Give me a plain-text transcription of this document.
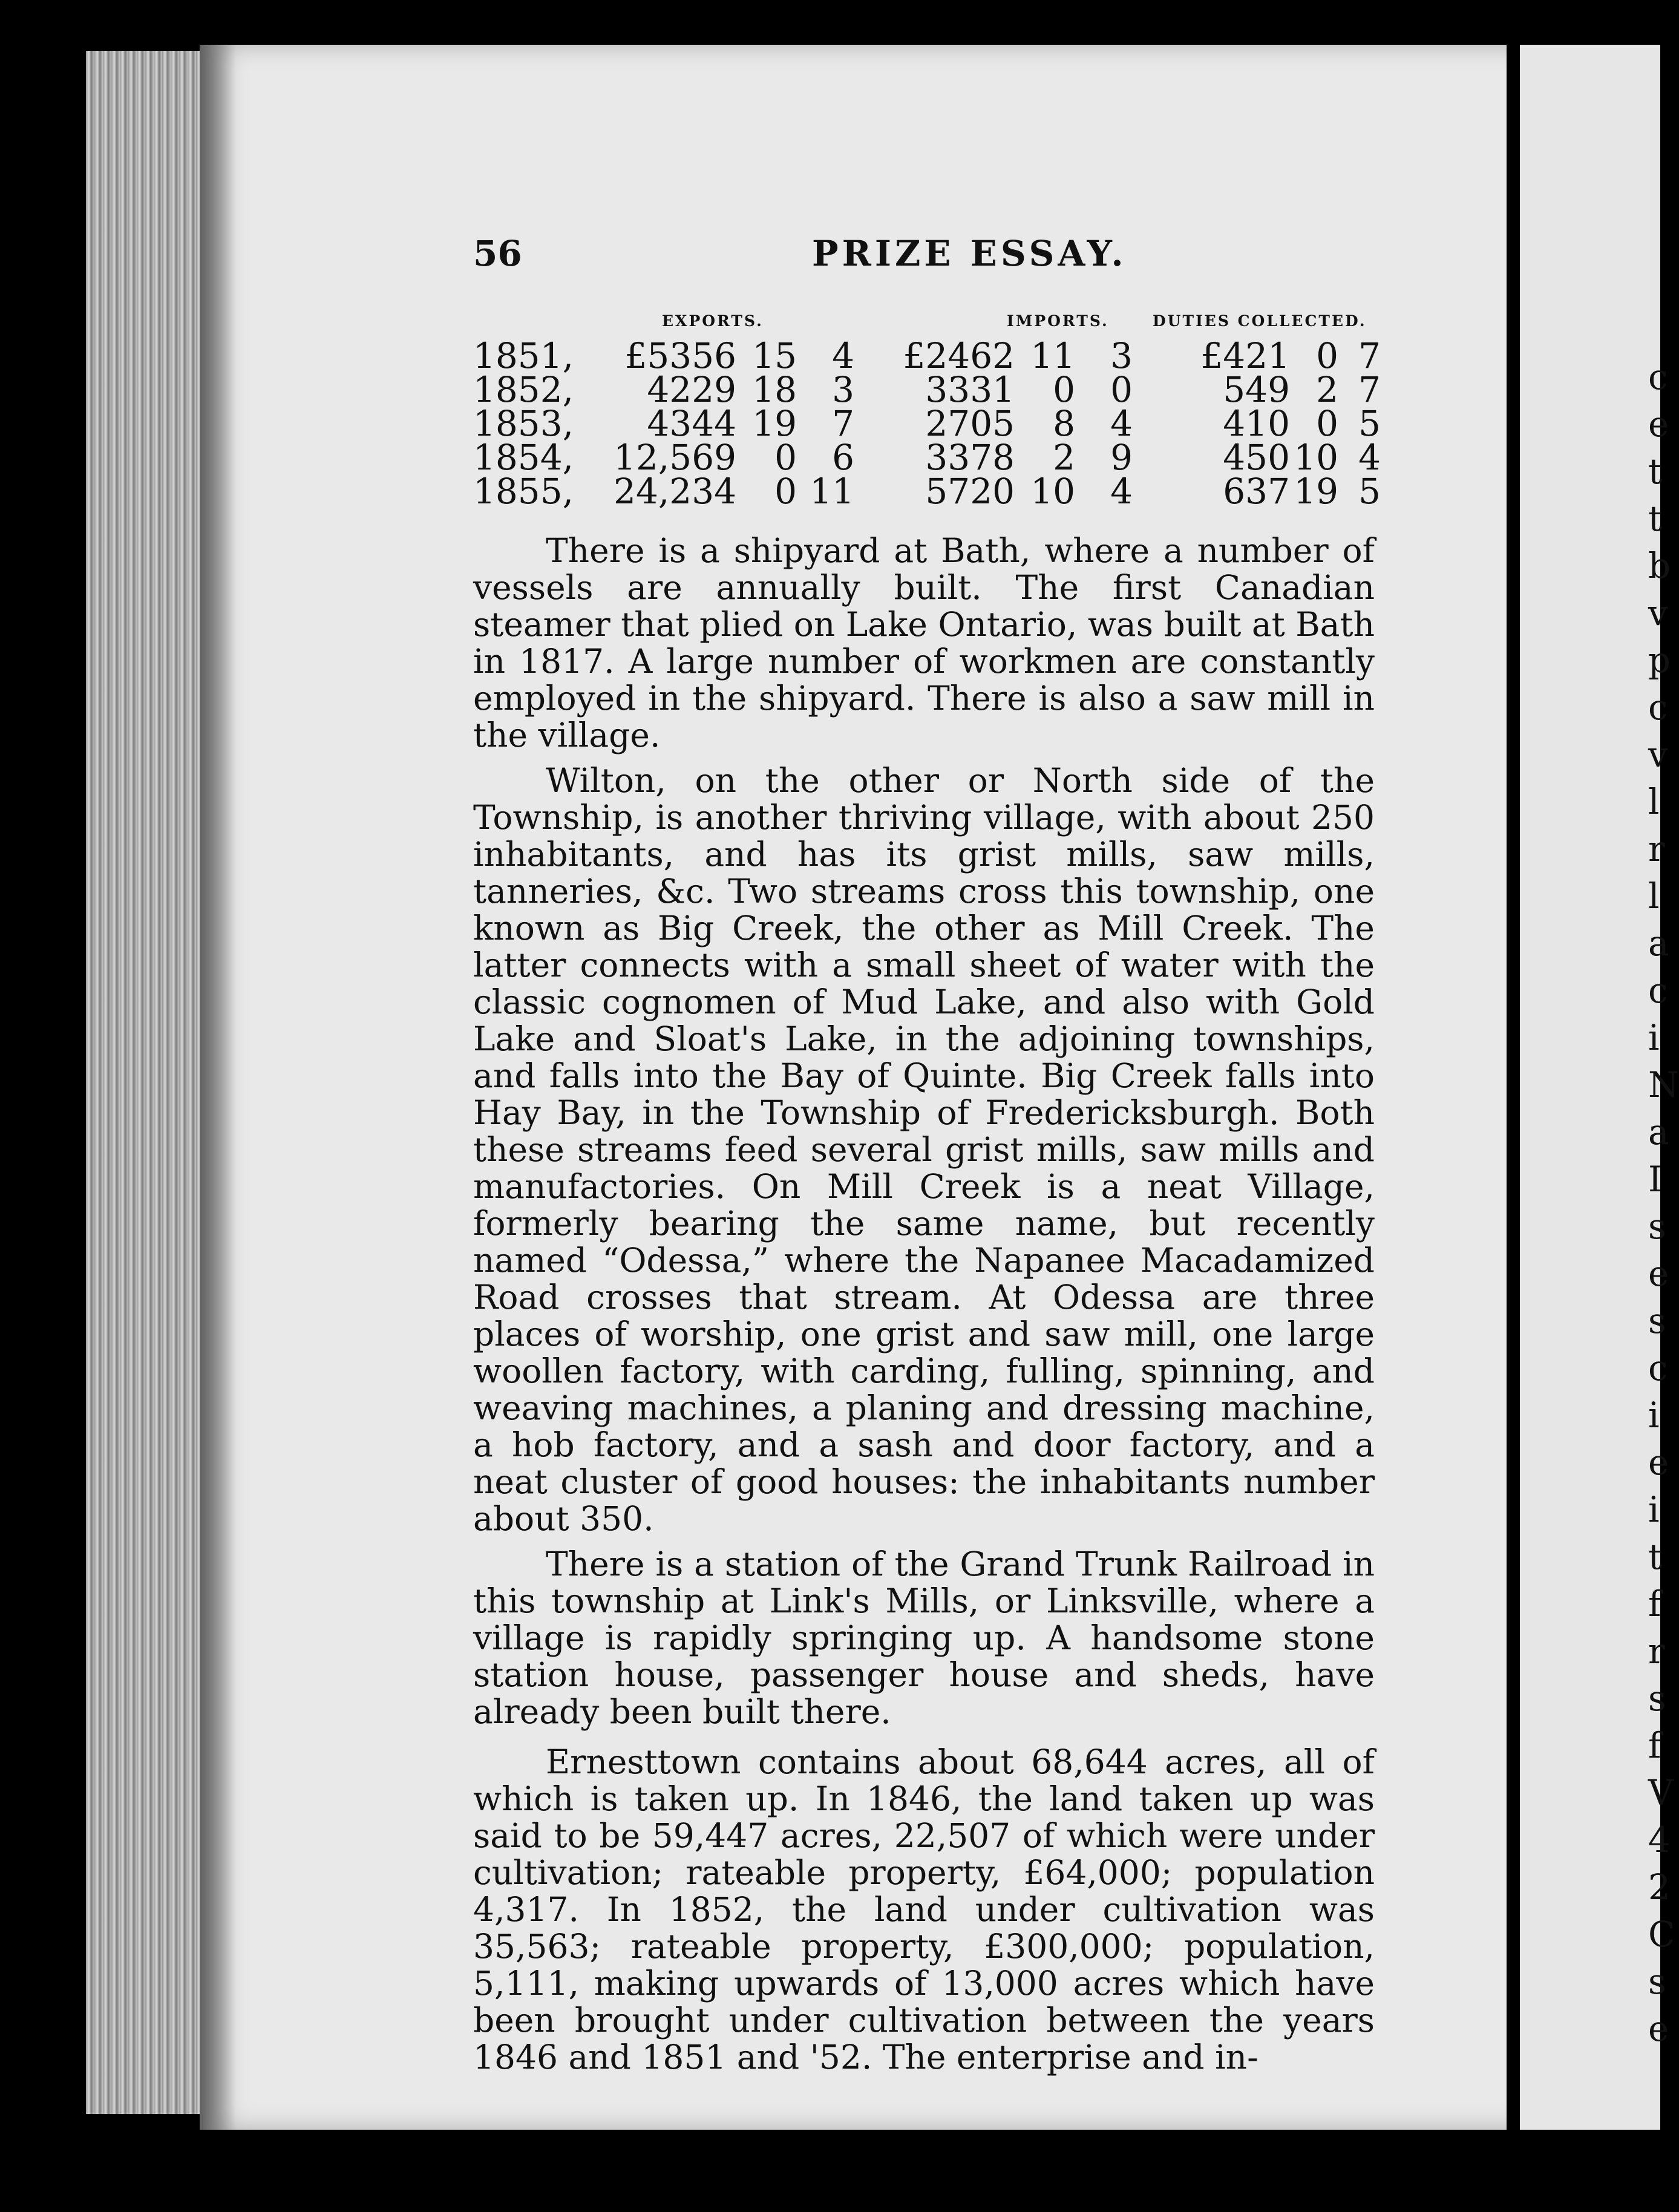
c
e
t
t
b
v
p
c
v
l
r
l
a
c
i
N
a
I
s
e
s
c
i
e
i
t
f
r
s
f
V
4
2
C
s
e
56	PRIZE ESSAY.
EXPORTS.	IMPORTS.	DUTIES COLLECTED.
1851,	£5356	15	4	£2462	11	3	£421	0	7
1852,	4229	18	3	3331	0	0	549	2	7
1853,	4344	19	7	2705	8	4	410	0	5
1854,	12,569	0	6	3378	2	9	450	10	4
1855,	24,234	0	11	5720	10	4	637	19	5

There is a shipyard at Bath, where a number of vessels are annually built. The first Canadian steamer that plied on Lake Ontario, was built at Bath in 1817. A large number of workmen are constantly employed in the shipyard. There is also a saw mill in the village.

Wilton, on the other or North side of the Township, is another thriving village, with about 250 inhabitants, and has its grist mills, saw mills, tanneries, &c. Two streams cross this township, one known as Big Creek, the other as Mill Creek. The latter connects with a small sheet of water with the classic cognomen of Mud Lake, and also with Gold Lake and Sloat's Lake, in the adjoining townships, and falls into the Bay of Quinte. Big Creek falls into Hay Bay, in the Township of Fredericksburgh. Both these streams feed several grist mills, saw mills and manufactories. On Mill Creek is a neat Village, formerly bearing the same name, but recently named “Odessa,” where the Napanee Macadamized Road crosses that stream. At Odessa are three places of worship, one grist and saw mill, one large woollen factory, with carding, fulling, spinning, and weaving machines, a planing and dressing machine, a hob factory, and a sash and door factory, and a neat cluster of good houses: the inhabitants number about 350.

There is a station of the Grand Trunk Railroad in this township at Link's Mills, or Linksville, where a village is rapidly springing up. A handsome stone station house, passenger house and sheds, have already been built there.

Ernesttown contains about 68,644 acres, all of which is taken up. In 1846, the land taken up was said to be 59,447 acres, 22,507 of which were under cultivation; rateable property, £64,000; population 4,317. In 1852, the land under cultivation was 35,563; rateable property, £300,000; population, 5,111, making upwards of 13,000 acres which have been brought under cultivation between the years 1846 and 1851 and '52. The enterprise and in-
